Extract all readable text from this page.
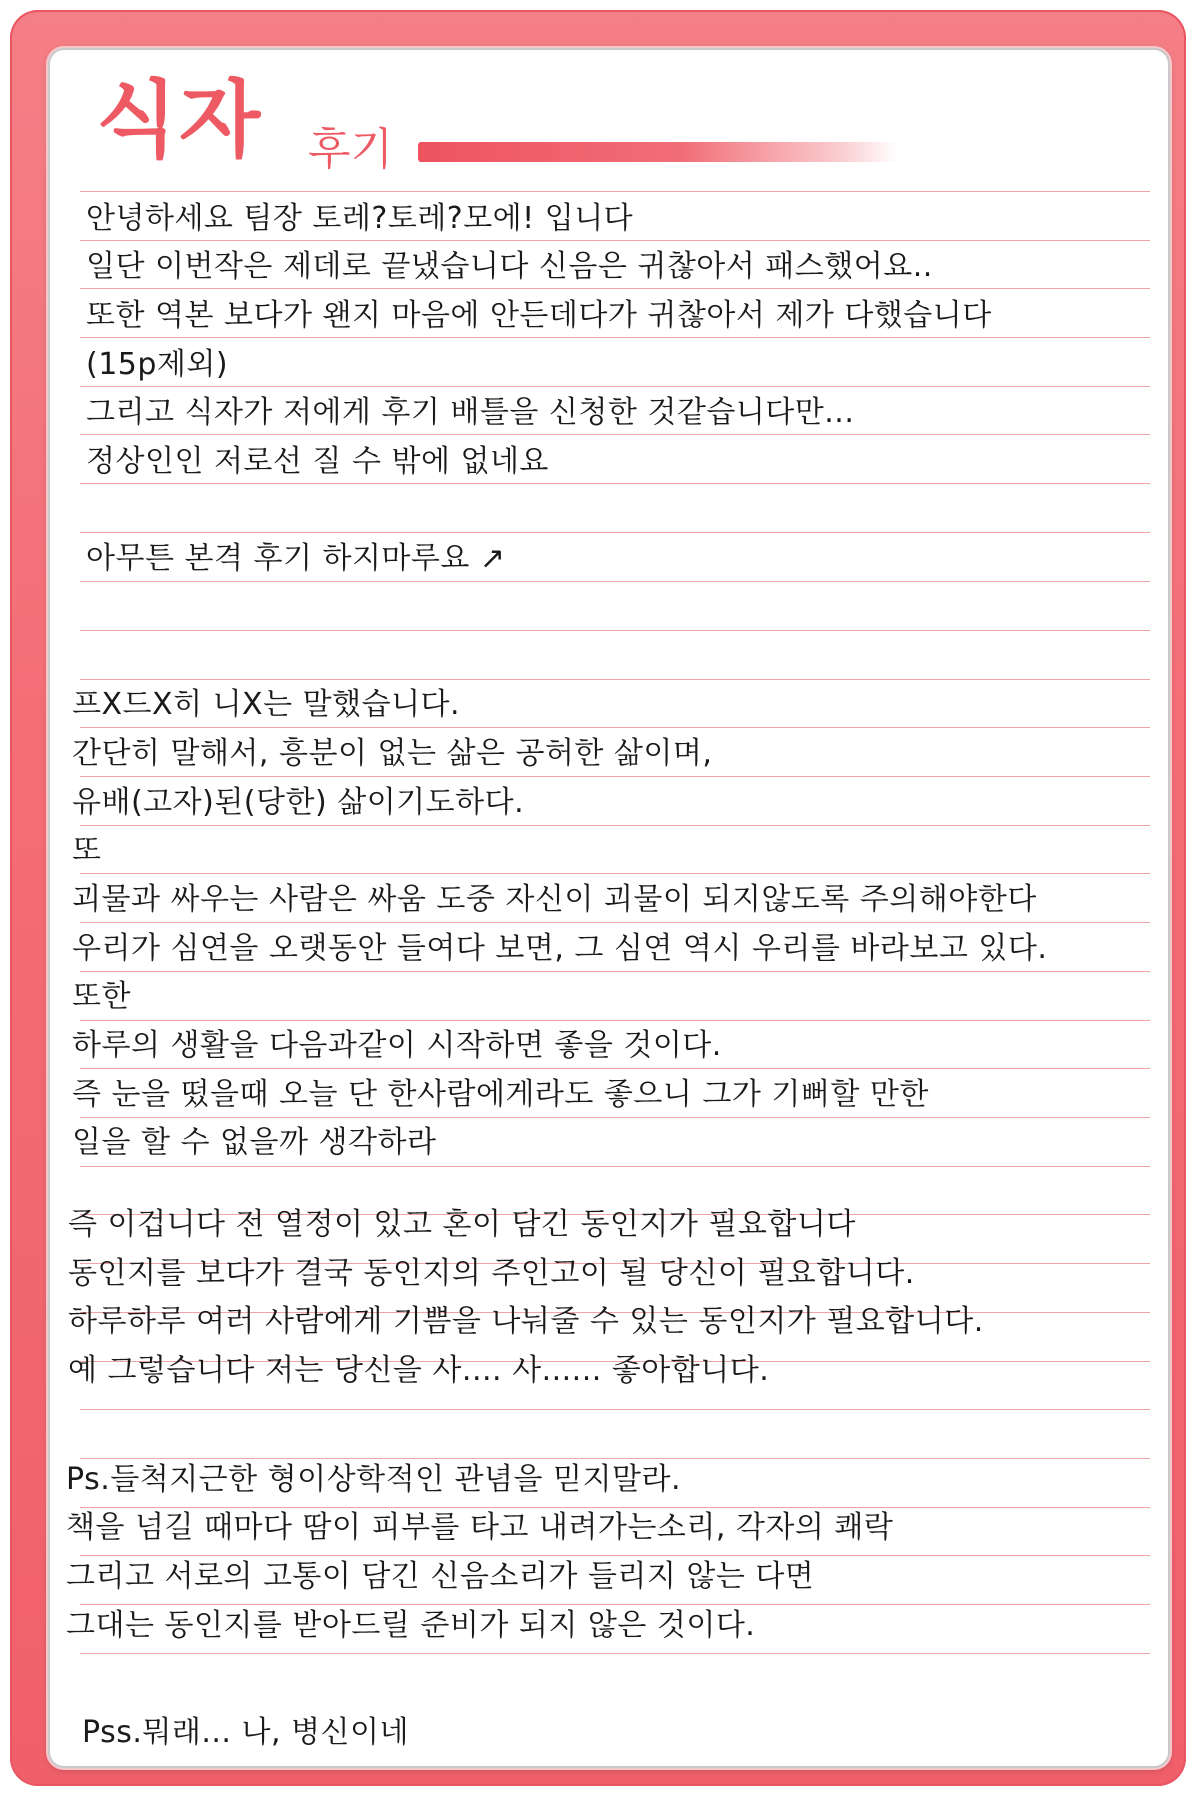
식자 후기
안녕하세요 팀장 토레?토레?모에! 입니다
일단 이번작은 제데로 끝냈습니다 신음은 귀찮아서 패스했어요..
또한 역본 보다가 왠지 마음에 안든데다가 귀찮아서 제가 다했습니다
(15p제외)
그리고 식자가 저에게 후기 배틀을 신청한 것같습니다만...
정상인인 저로선 질 수 밖에 없네요
아무튼 본격 후기 하지마루요 ↗
프X드X히 니X는 말했습니다.
간단히 말해서, 흥분이 없는 삶은 공허한 삶이며,
유배(고자)된(당한) 삶이기도하다.
또
괴물과 싸우는 사람은 싸움 도중 자신이 괴물이 되지않도록 주의해야한다
우리가 심연을 오랫동안 들여다 보면, 그 심연 역시 우리를 바라보고 있다.
또한
하루의 생활을 다음과같이 시작하면 좋을 것이다.
즉 눈을 떴을때 오늘 단 한사람에게라도 좋으니 그가 기뻐할 만한
일을 할 수 없을까 생각하라
즉 이겁니다 전 열정이 있고 혼이 담긴 동인지가 필요합니다
동인지를 보다가 결국 동인지의 주인고이 될 당신이 필요합니다.
하루하루 여러 사람에게 기쁨을 나눠줄 수 있는 동인지가 필요합니다.
예 그렇습니다 저는 당신을 사.... 사...... 좋아합니다.
Ps.들척지근한 형이상학적인 관념을 믿지말라.
책을 넘길 때마다 땀이 피부를 타고 내려가는소리, 각자의 쾌락
그리고 서로의 고통이 담긴 신음소리가 들리지 않는 다면
그대는 동인지를 받아드릴 준비가 되지 않은 것이다.
Pss.뭐래... 나, 병신이네
